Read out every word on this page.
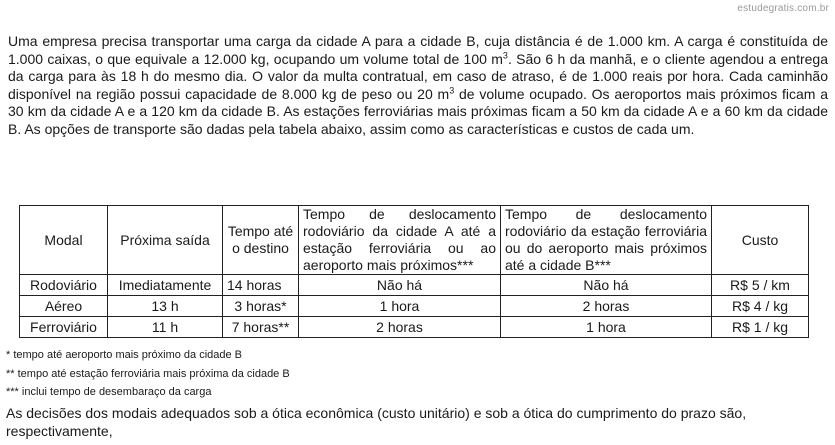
estudegratis.com.br

Uma empresa precisa transportar uma carga da cidade A para a cidade B, cuja distância é de 1.000 km. A carga é constituída de 1.000 caixas, o que equivale a 12.000 kg, ocupando um volume total de 100 $m^3$. São 6 h da manhã, e o cliente agendou a entrega da carga para às 18 h do mesmo dia. O valor da multa contratual, em caso de atraso, é de 1.000 reais por hora. Cada caminhão disponível na região possui capacidade de 8.000 kg de peso ou 20 $m^3$ de volume ocupado. Os aeroportos mais próximos ficam a 30 km da cidade A e a 120 km da cidade B. As estações ferroviárias mais próximas ficam a 50 km da cidade A e a 60 km da cidade B. As opções de transporte são dadas pela tabela abaixo, assim como as características e custos de cada um.

Modal	Próxima saída	Tempo até o destino	Tempo de deslocamento rodoviário da cidade A até a estação ferroviária ou ao aeroporto mais próximos***	Tempo de deslocamento rodoviário da estação ferroviária ou do aeroporto mais próximos até a cidade B***	Custo
Rodoviário	Imediatamente	14 horas	Não há	Não há	R$ 5 / km
Aéreo	13 h	3 horas*	1 hora	2 horas	R$ 4 / kg
Ferroviário	11 h	7 horas**	2 horas	1 hora	R$ 1 / kg
* tempo até aeroporto mais próximo da cidade B
** tempo até estação ferroviária mais próxima da cidade B
*** inclui tempo de desembaraço da carga

As decisões dos modais adequados sob a ótica econômica (custo unitário) e sob a ótica do cumprimento do prazo são, respectivamente,
